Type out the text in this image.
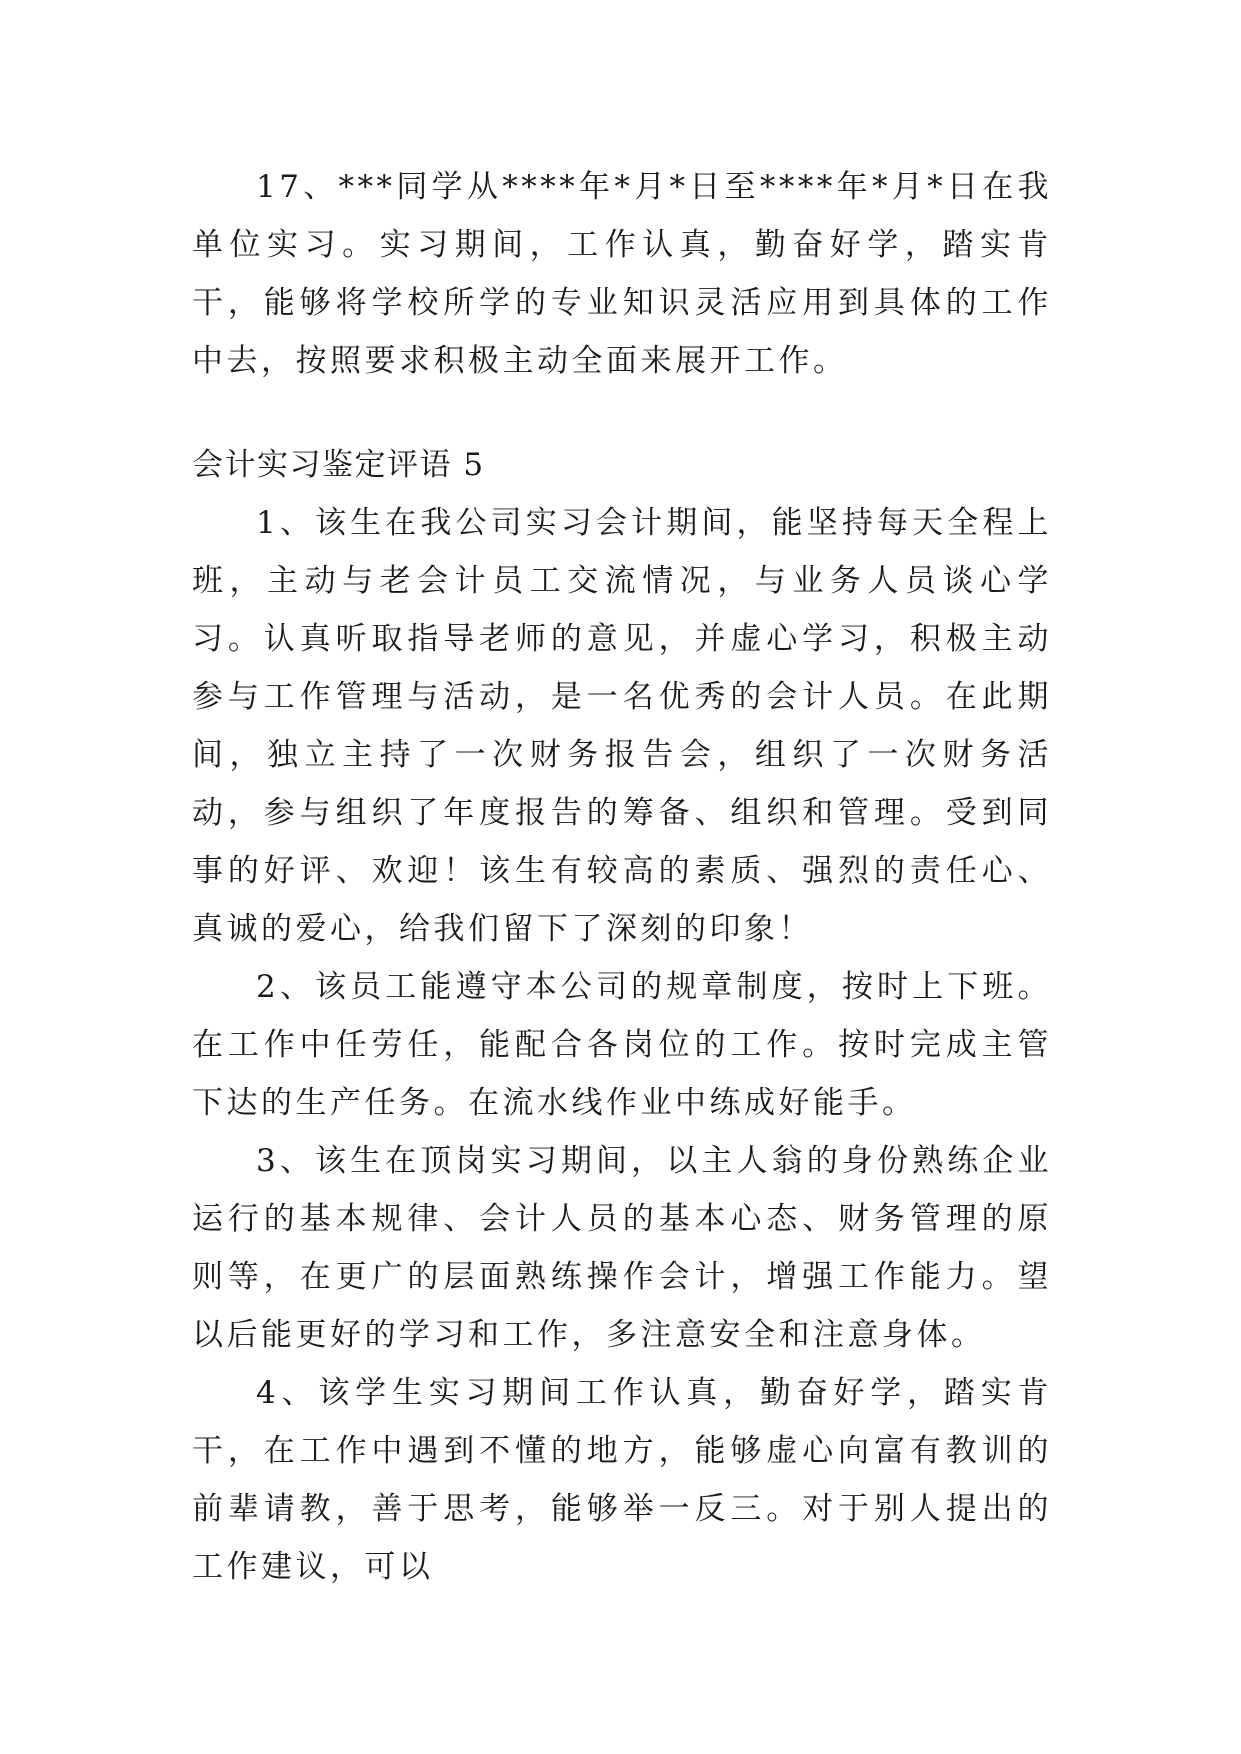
17、***同学从****年*月*日至****年*月*日在我单位实习。实习期间，工作认真，勤奋好学，踏实肯干，能够将学校所学的专业知识灵活应用到具体的工作中去，按照要求积极主动全面来展开工作。

会计实习鉴定评语 5

1、该生在我公司实习会计期间，能坚持每天全程上班，主动与老会计员工交流情况，与业务人员谈心学习。认真听取指导老师的意见，并虚心学习，积极主动参与工作管理与活动，是一名优秀的会计人员。在此期间，独立主持了一次财务报告会，组织了一次财务活动，参与组织了年度报告的筹备、组织和管理。受到同事的好评、欢迎！该生有较高的素质、强烈的责任心、真诚的爱心，给我们留下了深刻的印象！

2、该员工能遵守本公司的规章制度，按时上下班。在工作中任劳任，能配合各岗位的工作。按时完成主管下达的生产任务。在流水线作业中练成好能手。

3、该生在顶岗实习期间，以主人翁的身份熟练企业运行的基本规律、会计人员的基本心态、财务管理的原则等，在更广的层面熟练操作会计，增强工作能力。望以后能更好的学习和工作，多注意安全和注意身体。

4、该学生实习期间工作认真，勤奋好学，踏实肯干，在工作中遇到不懂的地方，能够虚心向富有教训的前辈请教，善于思考，能够举一反三。对于别人提出的工作建议，可以
